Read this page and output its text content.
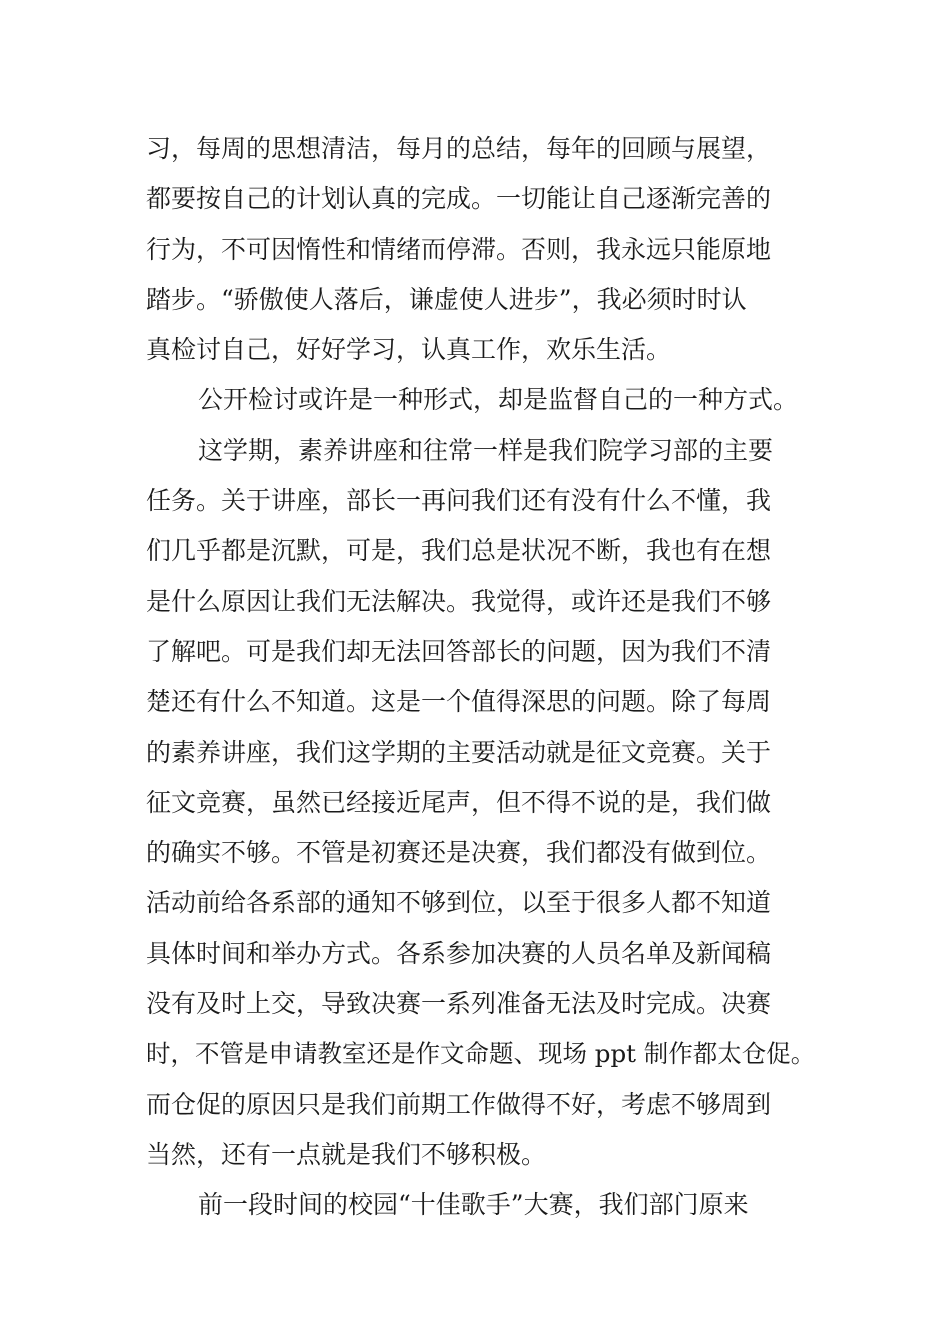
习，每周的思想清洁，每月的总结，每年的回顾与展望，
都要按自己的计划认真的完成。一切能让自己逐渐完善的
行为，不可因惰性和情绪而停滞。否则，我永远只能原地
踏步。“骄傲使人落后，谦虚使人进步”，我必须时时认
真检讨自己，好好学习，认真工作，欢乐生活。
公开检讨或许是一种形式，却是监督自己的一种方式。
这学期，素养讲座和往常一样是我们院学习部的主要
任务。关于讲座，部长一再问我们还有没有什么不懂，我
们几乎都是沉默，可是，我们总是状况不断，我也有在想
是什么原因让我们无法解决。我觉得，或许还是我们不够
了解吧。可是我们却无法回答部长的问题，因为我们不清
楚还有什么不知道。这是一个值得深思的问题。除了每周
的素养讲座，我们这学期的主要活动就是征文竞赛。关于
征文竞赛，虽然已经接近尾声，但不得不说的是，我们做
的确实不够。不管是初赛还是决赛，我们都没有做到位。
活动前给各系部的通知不够到位，以至于很多人都不知道
具体时间和举办方式。各系参加决赛的人员名单及新闻稿
没有及时上交，导致决赛一系列准备无法及时完成。决赛
时，不管是申请教室还是作文命题、现场 ppt 制作都太仓促。
而仓促的原因只是我们前期工作做得不好，考虑不够周到
当然，还有一点就是我们不够积极。
前一段时间的校园“十佳歌手”大赛，我们部门原来
